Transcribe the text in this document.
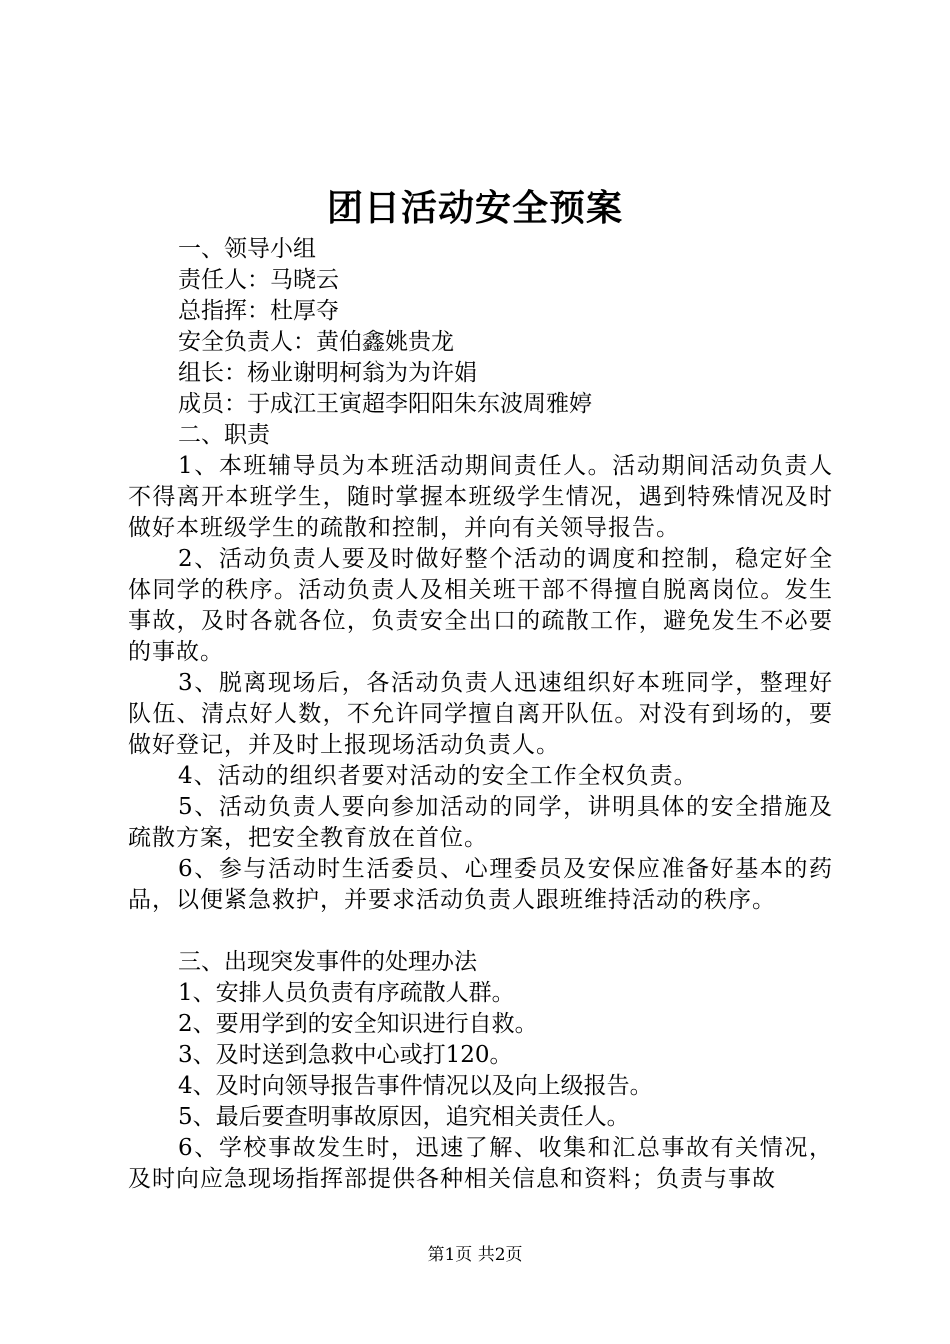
团日活动安全预案

一、领导小组

责任人：马晓云

总指挥：杜厚夺

安全负责人：黄伯鑫姚贵龙

组长：杨业谢明柯翁为为许娟

成员：于成江王寅超李阳阳朱东波周雅婷

二、职责

1、本班辅导员为本班活动期间责任人。活动期间活动负责人不得离开本班学生，随时掌握本班级学生情况，遇到特殊情况及时做好本班级学生的疏散和控制，并向有关领导报告。

2、活动负责人要及时做好整个活动的调度和控制，稳定好全体同学的秩序。活动负责人及相关班干部不得擅自脱离岗位。发生事故，及时各就各位，负责安全出口的疏散工作，避免发生不必要的事故。

3、脱离现场后，各活动负责人迅速组织好本班同学，整理好队伍、清点好人数，不允许同学擅自离开队伍。对没有到场的，要做好登记，并及时上报现场活动负责人。

4、活动的组织者要对活动的安全工作全权负责。

5、活动负责人要向参加活动的同学，讲明具体的安全措施及疏散方案，把安全教育放在首位。

6、参与活动时生活委员、心理委员及安保应准备好基本的药品，以便紧急救护，并要求活动负责人跟班维持活动的秩序。

三、出现突发事件的处理办法

1、安排人员负责有序疏散人群。

2、要用学到的安全知识进行自救。

3、及时送到急救中心或打120。

4、及时向领导报告事件情况以及向上级报告。

5、最后要查明事故原因，追究相关责任人。

6、学校事故发生时，迅速了解、收集和汇总事故有关情况，及时向应急现场指挥部提供各种相关信息和资料；负责与事故

第1页 共2页
